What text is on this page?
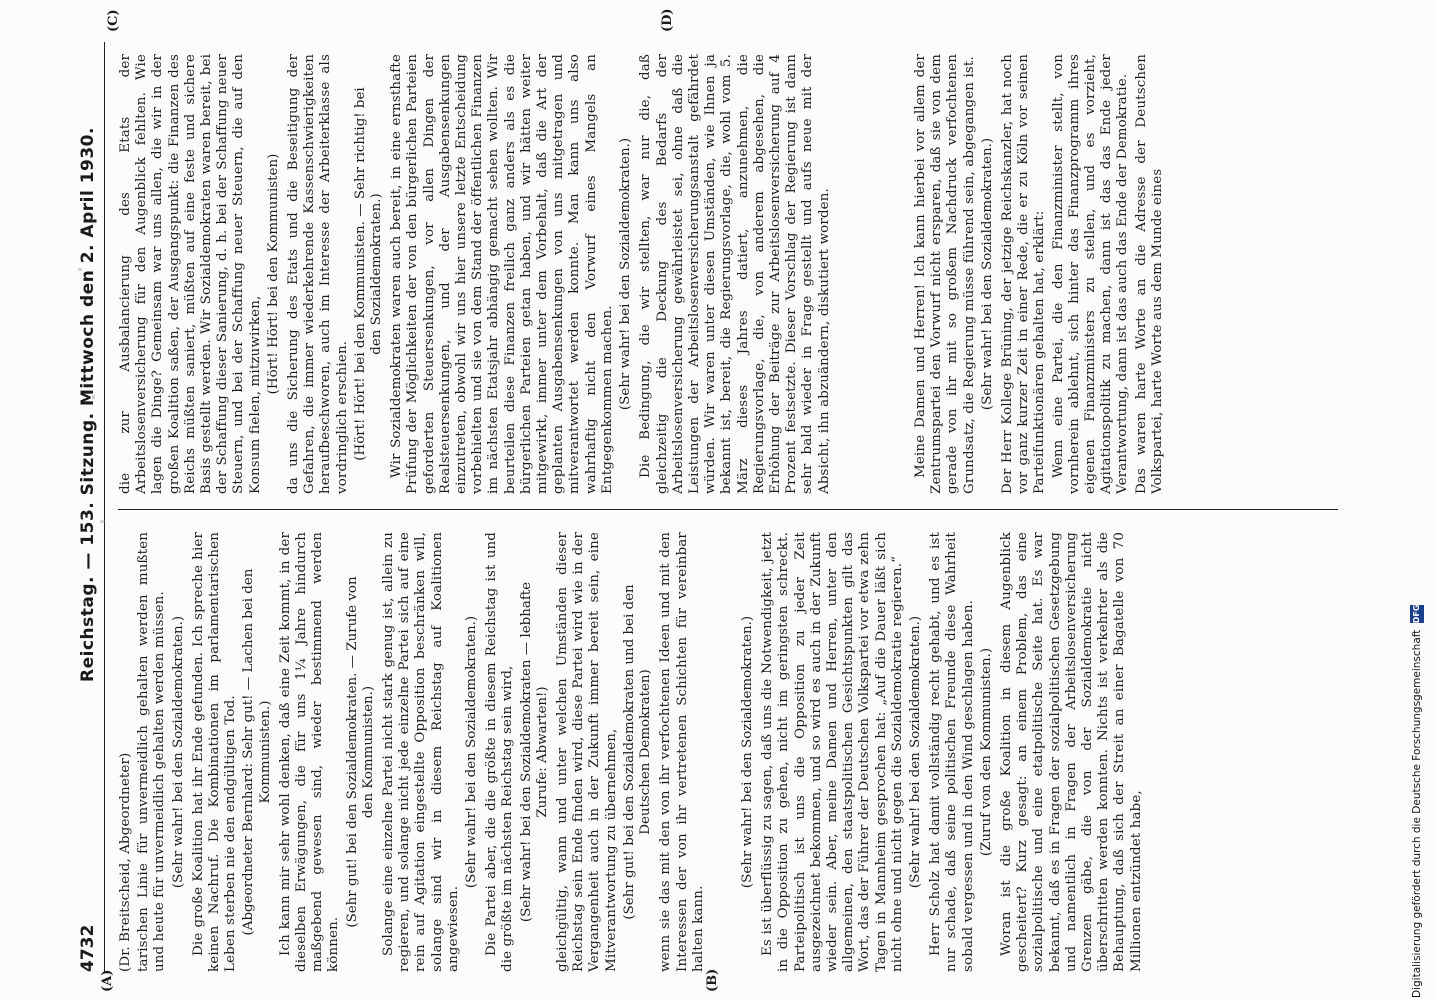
4732
Reichstag. — 153. Sitzung. Mittwoch den 2. April 1930.
(Dr. Breitscheid, Abgeordneter) tarischen Linie für unvermeidlich gehalten werden mußten und heute für unvermeidlich gehalten werden müssen. (Sehr wahr! bei den Sozialdemokraten.) Die große Koalition hat ihr Ende gefunden. Ich spreche hier keinen Nachruf. Die Kombinationen im parlamentarischen Leben sterben nie den endgültigen Tod. (Abgeordneter Bernhard: Sehr gut! — Lachen bei den Kommunisten.) Ich kann mir sehr wohl denken, daß eine Zeit kommt, in der dieselben Erwägungen, die für uns 1¼ Jahre hindurch maßgebend gewesen sind, wieder bestimmend werden können.
(Sehr gut! bei den Sozialdemokraten. — Zurufe von den Kommunisten.) Solange eine einzelne Partei nicht stark genug ist, allein zu regieren, und solange nicht jede einzelne Partei sich auf eine rein auf Agitation eingestellte Opposition beschränken will, solange sind wir in diesem Reichstag auf Koalitionen angewiesen.
(Sehr wahr! bei den Sozialdemokraten.) Die Partei aber, die die größte in diesem Reichstag ist und die größte im nächsten Reichstag sein wird, (Sehr wahr! bei den Sozialdemokraten — lebhafte Zurufe: Abwarten!) gleichgültig, wann und unter welchen Umständen dieser Reichstag sein Ende finden wird, diese Partei wird wie in der Vergangenheit auch in der Zukunft immer bereit sein, eine Mitverantwortung zu übernehmen, (Sehr gut! bei den Sozialdemokraten und bei den Deutschen Demokraten) wenn sie das mit den von ihr verfochtenen Ideen und mit den Interessen der von ihr vertretenen Schichten für vereinbar halten kann.
(Sehr wahr! bei den Sozialdemokraten.) Es ist überflüssig zu sagen, daß uns die Notwendigkeit, jetzt in die Opposition zu gehen, nicht im geringsten schreckt. Parteipolitisch ist uns die Opposition zu jeder Zeit ausgezeichnet bekommen, und so wird es auch in der Zukunft wieder sein. Aber, meine Damen und Herren, unter den allgemeinen, den staatspolitischen Gesichtspunkten gilt das Wort, das der Führer der Deutschen Volkspartei vor etwa zehn Tagen in Mannheim gesprochen hat: „Auf die Dauer läßt sich nicht ohne und nicht gegen die Sozialdemokratie regieren.“ (Sehr wahr! bei den Sozialdemokraten.) Herr Scholz hat damit vollständig recht gehabt, und es ist nur schade, daß seine politischen Freunde diese Wahrheit sobald vergessen und in den Wind geschlagen haben. (Zuruf von den Kommunisten.) Woran ist die große Koalition in diesem Augenblick gescheitert? Kurz gesagt: an einem Problem, das eine sozialpolitische und eine etatpolitische Seite hat. Es war bekannt, daß es in Fragen der sozialpolitischen Gesetzgebung und namentlich in Fragen der Arbeitslosenversicherung Grenzen gäbe, die von der Sozialdemokratie nicht überschritten werden konnten. Nichts ist verkehrter als die Behauptung, daß sich der Streit an einer Bagatelle von 70 Millionen entzündet habe,
die zur Ausbalancierung des Etats der Arbeitslosenversicherung für den Augenblick fehlten. Wie lagen die Dinge? Gemeinsam war uns allen, die wir in der großen Koalition saßen, der Ausgangspunkt: die Finanzen des Reichs müßten saniert, müßten auf eine feste und sichere Basis gestellt werden. Wir Sozialdemokraten waren bereit, bei der Schaffung dieser Sanierung, d. h. bei der Schaffung neuer Steuern, und bei der Schaffung neuer Steuern, die auf den Konsum fielen, mitzuwirken,
(Hört! Hört! bei den Kommunisten) da uns die Sicherung des Etats und die Beseitigung der Gefahren, die immer wiederkehrende Kassenschwierigkeiten heraufbeschworen, auch im Interesse der Arbeiterklasse als vordringlich erschien. (Hört! Hört! bei den Kommunisten. — Sehr richtig! bei den Sozialdemokraten.) Wir Sozialdemokraten waren auch bereit, in eine ernsthafte Prüfung der Möglichkeiten der von den bürgerlichen Parteien geforderten Steuersenkungen, vor allen Dingen der Realsteuersenkungen, und der Ausgabensenkungen einzutreten, obwohl wir uns hier unsere letzte Entscheidung vorbehielten und sie von dem Stand der öffentlichen Finanzen im nächsten Etatsjahr abhängig gemacht sehen wollten. Wir beurteilen diese Finanzen freilich ganz anders als es die bürgerlichen Parteien getan haben, und wir hätten weiter mitgewirkt, immer unter dem Vorbehalt, daß die Art der geplanten Ausgabensenkungen von uns mitgetragen und mitverantwortet werden konnte. Man kann uns also wahrhaftig nicht den Vorwurf eines Mangels an Entgegenkommen machen. (Sehr wahr! bei den Sozialdemokraten.) Die Bedingung, die wir stellten, war nur die, daß gleichzeitig die Deckung des Bedarfs der Arbeitslosenversicherung gewährleistet sei, ohne daß die Leistungen der Arbeitslosenversicherungsanstalt gefährdet würden. Wir waren unter diesen Umständen, wie Ihnen ja bekannt ist, bereit, die Regierungsvorlage, die, wohl vom 5. März dieses Jahres datiert, anzunehmen, die Regierungsvorlage, die, von anderem abgesehen, die Erhöhung der Beiträge zur Arbeitslosenversicherung auf 4 Prozent festsetzte. Dieser Vorschlag der Regierung ist dann sehr bald wieder in Frage gestellt und aufs neue mit der Absicht, ihn abzuändern, diskutiert worden.	Meine Damen und Herren! Ich kann hierbei vor allem der Zentrumspartei den Vorwurf nicht ersparen, daß sie von dem gerade von ihr mit so großem Nachdruck verfochtenen Grundsatz, die Regierung müsse führend sein, abgegangen ist. (Sehr wahr! bei den Sozialdemokraten.) Der Herr Kollege Brüning, der jetzige Reichskanzler, hat noch vor ganz kurzer Zeit in einer Rede, die er zu Köln vor seinen Parteifunktionären gehalten hat, erklärt: Wenn eine Partei, die den Finanzminister stellt, von vornherein ablehnt, sich hinter das Finanzprogramm ihres eigenen Finanzministers zu stellen, und es vorzieht, Agitationspolitik zu machen, dann ist das das Ende jeder Verantwortung, dann ist das auch das Ende der Demokratie. Das waren harte Worte an die Adresse der Deutschen Volkspartei, harte Worte aus dem Munde eines
(A)	(B)
(C)	(D)
Digitalisierung gefördert durch die Deutsche Forschungsgemeinschaft DFG
